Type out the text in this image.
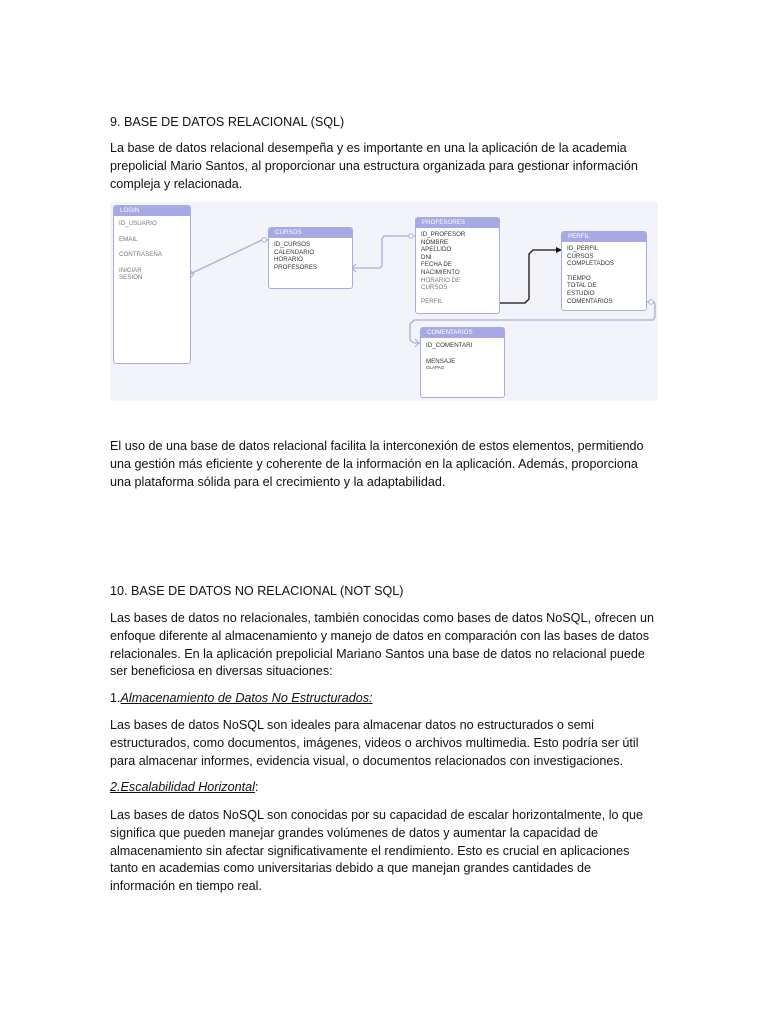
9. BASE DE DATOS RELACIONAL (SQL)

La base de datos relacional desempeña y es importante en una la aplicación de la academia prepolicial Mario Santos, al proporcionar una estructura organizada para gestionar información compleja y relacionada.

LOGIN
ID_USUARIO
EMAIL
CONTRASEÑA
INICIAR
SESION
CURSOS
ID_CURSOS
CALENDARIO
HORARIO
PROFESORES
PROFESORES
ID_PROFESOR
NOMBRE
APELLIDO
DNI
FECHA DE
NACIMIENTO
HORARIO DE
CURSOS
PERFIL
PERFIL
ID_PERFIL
CURSOS
COMPLETADOS
TIEMPO
TOTAL DE
ESTUDIO
COMENTARIOS
COMENTARIOS
ID_COMENTARI
MENSAJE
OLAPAO

El uso de una base de datos relacional facilita la interconexión de estos elementos, permitiendo una gestión más eficiente y coherente de la información en la aplicación. Además, proporciona una plataforma sólida para el crecimiento y la adaptabilidad.

10. BASE DE DATOS NO RELACIONAL (NOT SQL)

Las bases de datos no relacionales, también conocidas como bases de datos NoSQL, ofrecen un enfoque diferente al almacenamiento y manejo de datos en comparación con las bases de datos relacionales. En la aplicación prepolicial Mariano Santos una base de datos no relacional puede ser beneficiosa en diversas situaciones:

1.Almacenamiento de Datos No Estructurados:

Las bases de datos NoSQL son ideales para almacenar datos no estructurados o semi estructurados, como documentos, imágenes, videos o archivos multimedia. Esto podría ser útil para almacenar informes, evidencia visual, o documentos relacionados con investigaciones.

2.Escalabilidad Horizontal:

Las bases de datos NoSQL son conocidas por su capacidad de escalar horizontalmente, lo que significa que pueden manejar grandes volúmenes de datos y aumentar la capacidad de almacenamiento sin afectar significativamente el rendimiento. Esto es crucial en aplicaciones tanto en academias como universitarias debido a que manejan grandes cantidades de información en tiempo real.
